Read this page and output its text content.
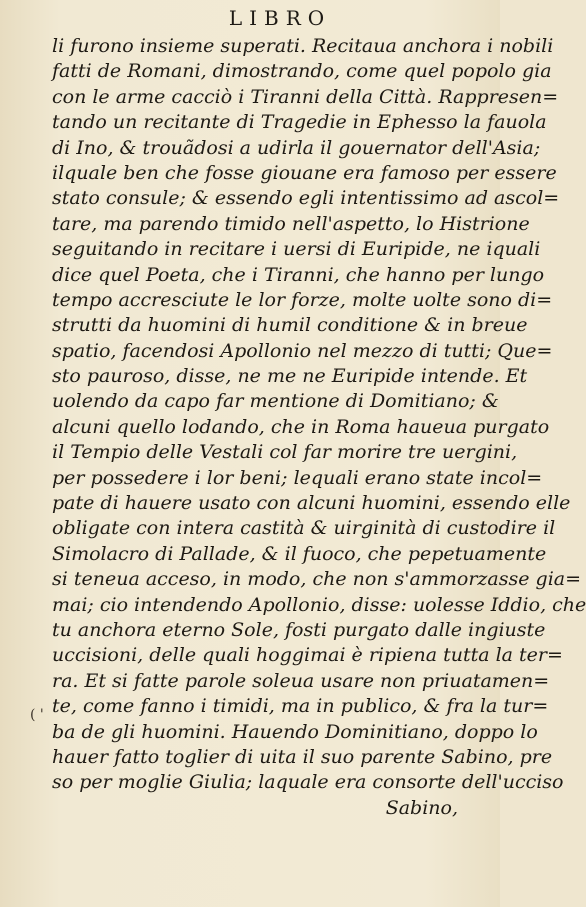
LIBRO
( '
li furono insieme superati. Recitaua anchora i nobili
fatti de Romani, dimostrando, come quel popolo gia
con le arme cacciò i Tiranni della Città. Rappresen=
tando un recitante di Tragedie in Ephesso la fauola
di Ino, & trouãdosi a udirla il gouernator dell'Asia;
ilquale ben che fosse giouane era famoso per essere
stato consule; & essendo egli intentissimo ad ascol=
tare, ma parendo timido nell'aspetto, lo Histrione
seguitando in recitare i uersi di Euripide, ne iquali
dice quel Poeta, che i Tiranni, che hanno per lungo
tempo accresciute le lor forze, molte uolte sono di=
strutti da huomini di humil conditione & in breue
spatio, facendosi Apollonio nel mezzo di tutti; Que=
sto paurosо, disse, ne me ne Euripide intende. Et
uolendo da capo far mentione di Domitiano; &
alcuni quello lodando, che in Roma haueua purgato
il Tempio delle Vestali col far morire tre uergini,
per possedere i lor beni; lequali erano state incol=
pate di hauere usato con alcuni huomini, essendo elle
obligate con intera castità & uirginità di custodire il
Simolacro di Pallade, & il fuoco, che pepetuamente
si teneua acceso, in modo, che non s'ammorzasse gia=
mai; cio intendendo Apollonio, disse: uolesse Iddio, che
tu anchora eterno Sole, fosti purgato dalle ingiuste
uccisioni, delle quali hoggimai è ripiena tutta la ter=
ra. Et si fatte parole soleua usare non priuatamen=
te, come fanno i timidi, ma in publico, & fra la tur=
ba de gli huomini. Hauendo Dominitiano, doppo lo
hauer fatto toglier di uita il suo parente Sabino, pre
so per moglie Giulia; laquale era consorte dell'ucciso
Sabino,
